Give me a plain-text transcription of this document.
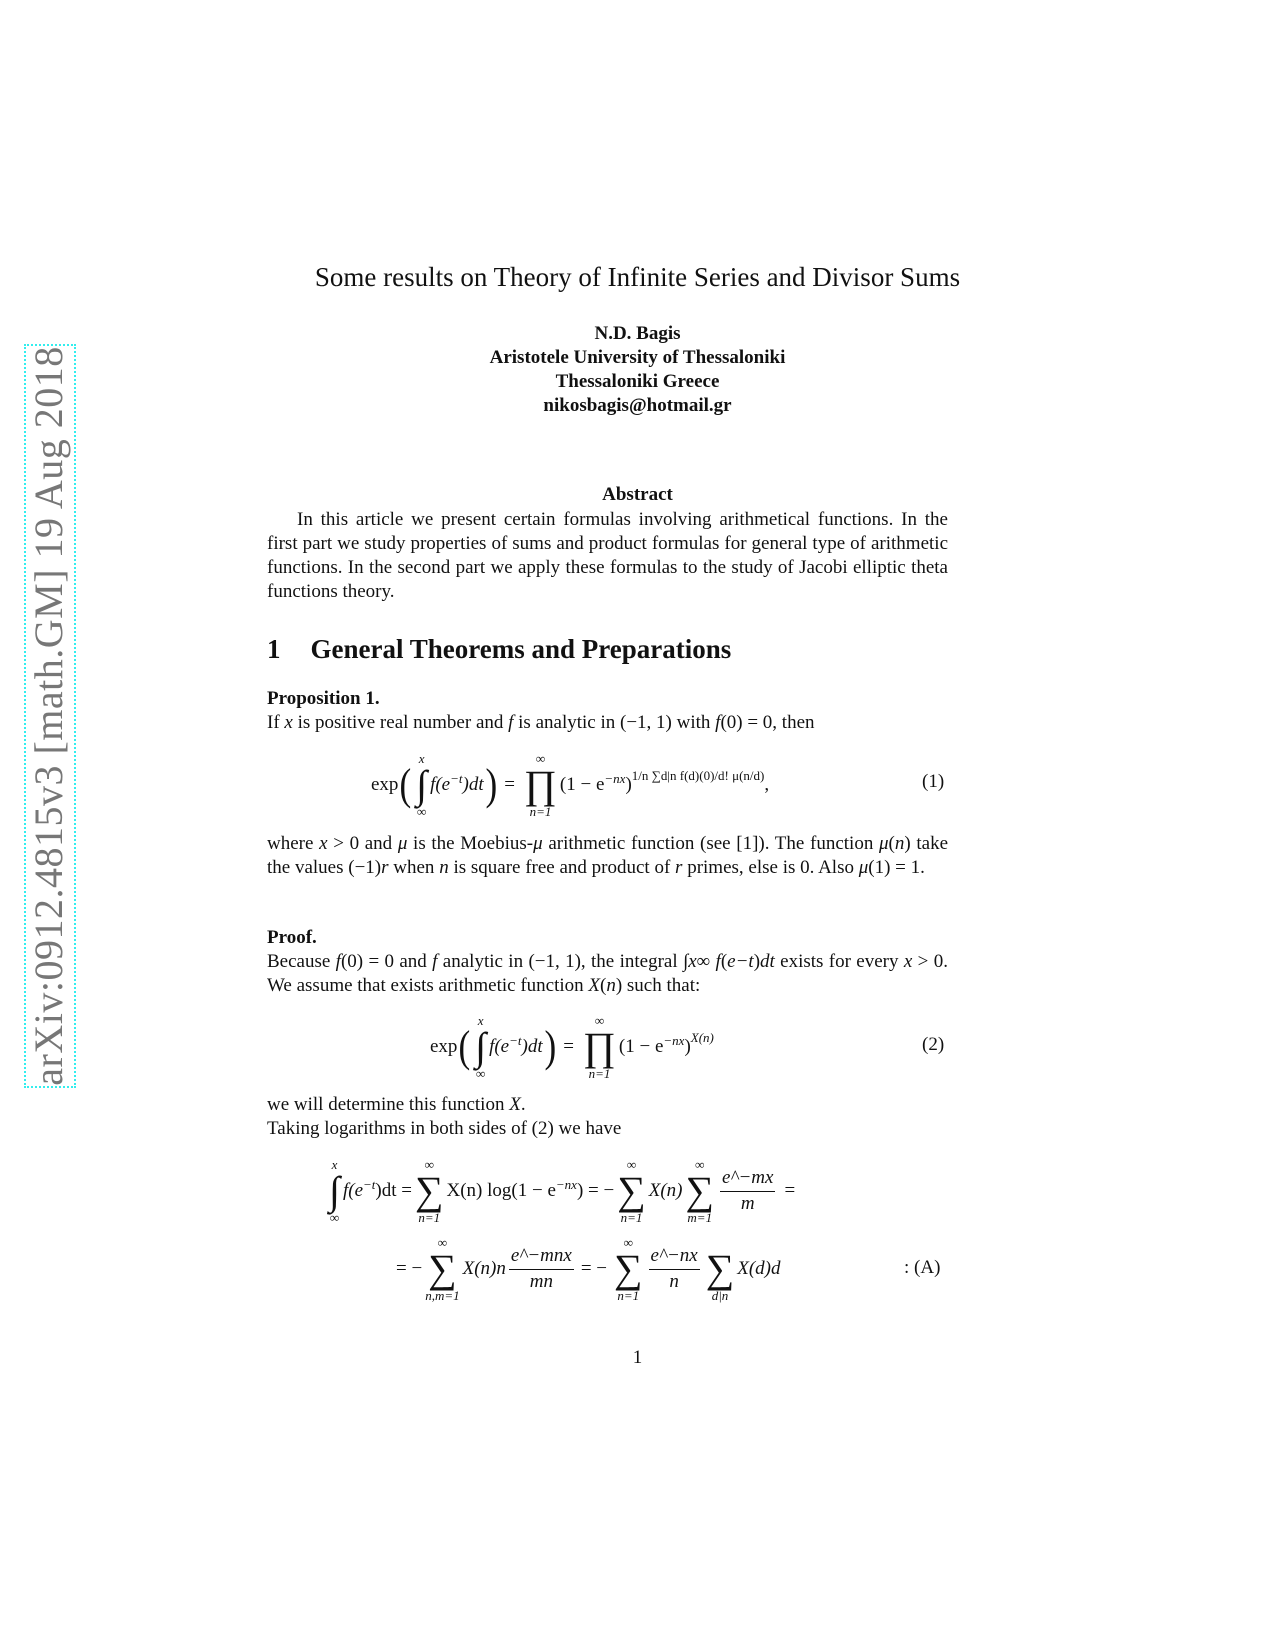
arXiv:0912.4815v3 [math.GM] 19 Aug 2018
Some results on Theory of Infinite Series and Divisor Sums
N.D. Bagis
Aristotele University of Thessaloniki
Thessaloniki Greece
nikosbagis@hotmail.gr
Abstract
In this article we present certain formulas involving arithmetical functions. In the first part we study properties of sums and product formulas for general type of arithmetic functions. In the second part we apply these formulas to the study of Jacobi elliptic theta functions theory.
1 General Theorems and Preparations
Proposition 1.
If x is positive real number and f is analytic in (−1, 1) with f(0) = 0, then
exp (
x
∫
∞
$f(e^{-t}$ )dt ) =
∞
∏
n=1
($1 - e^{-nx}$ )$^{1/n \sum d|n f(d)(0)/d! \mu(n/d)}$ ,	(1)
where x > 0 and μ is the Moebius-μ arithmetic function (see [1]). The function μ(n) take the values (−1)r when n is square free and product of r primes, else is 0. Also μ(1) = 1.
Proof.
Because f(0) = 0 and f analytic in (−1, 1), the integral ∫x∞ f(e−t)dt exists for every x > 0. We assume that exists arithmetic function X(n) such that:
exp (
x
∫
∞
$f(e^{-t}$ )dt ) =
∞
∏
n=1
($1 - e^{-nx}$ )$^{X(n)}$	(2)
we will determine this function X.
Taking logarithms in both sides of (2) we have
x
∫
∞
$f(e^{-t}$ )dt =
∞
∑
n=1
X(n) $\log(1 - e^{-nx}$ ) = −
∞
∑
n=1
X(n)
∞
∑
m=1
$\frac{e\^{}-mx}{m}$ =
= −
∞
∑
n,m=1
$X(n)n \frac{\text{e\textasciicircum{}−mnx}}{mn}$ = −
∞
∑
n=1
$\frac{e\^{}-nx}{n}$
∑
d|n
X(d)d	: (A)
1
